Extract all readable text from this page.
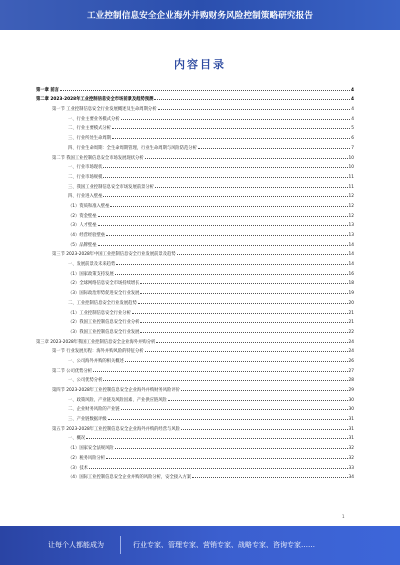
工业控制信息安全企业海外并购财务风险控制策略研究报告
内容目录
第一章 前言	4
第二章 2023-2028年工业控制信息安全市场前景及趋势预测	4
第一节 工业控制信息安全行业发展概述及生命周期分析	4
一、行业主要业务模式分析	4
二、行业主要模式分析	5
三、行业所处生命周期	6
四、行业生命周期：全生命周期管理，行业生命周期与风险防范分析	7
第二节 我国工业控制信息安全市场发展现状分析	10
一、行业市场现状	10
二、行业市场规模	11
三、我国工业控制信息安全市场发展前景分析	11
四、行业进入壁垒	12
（1）资质和准入壁垒	12
（2）资金壁垒	12
（3）人才壁垒	13
（4）经营经验壁垒	13
（5）品牌壁垒	14
第三节 2023-2028年中国工业控制信息安全行业发展前景及趋势	14
一、发展前景及未来趋势	14
（1）国家政策支持发展	16
（2）全球网络信息安全市场持续增长	18
（3）国际政治形势促进安全行业发展	19
二、工业控制信息安全行业发展趋势	20
（1）工业控制信息安全行业分析	21
（2）我国工业控制信息安全行业分析	21
（3）我国工业控制信息安全行业发展	22
第三章 2023-2028年我国工业控制信息安全企业海外并购分析	24
第一节 行业发展历程：海外并购风险的特征分析	24
一、公司海外并购的相关概述	26
第二节 公司优势分析	27
一、公司优势分析	28
第四节 2023-2028年工业控制信息安全企业海外并购财务风险评价	29
一、政策风险、产业链及风险因素、产业供应链风险	30
二、企业财务风险的产业链	30
三、产业链数据评级	31
第五节 2023-2028年工业控制信息安全企业海外并购的经营与风险	31
一、概况	31
（1）国家安全法规风险	32
（2）税务风险分析	32
（3）技术	33
（4）国际工业控制信息安全企业并购的风险分析，安全接入方案	34
1
让每个人都能成为	行业专家、管理专家、营销专家、战略专家、咨询专家……
